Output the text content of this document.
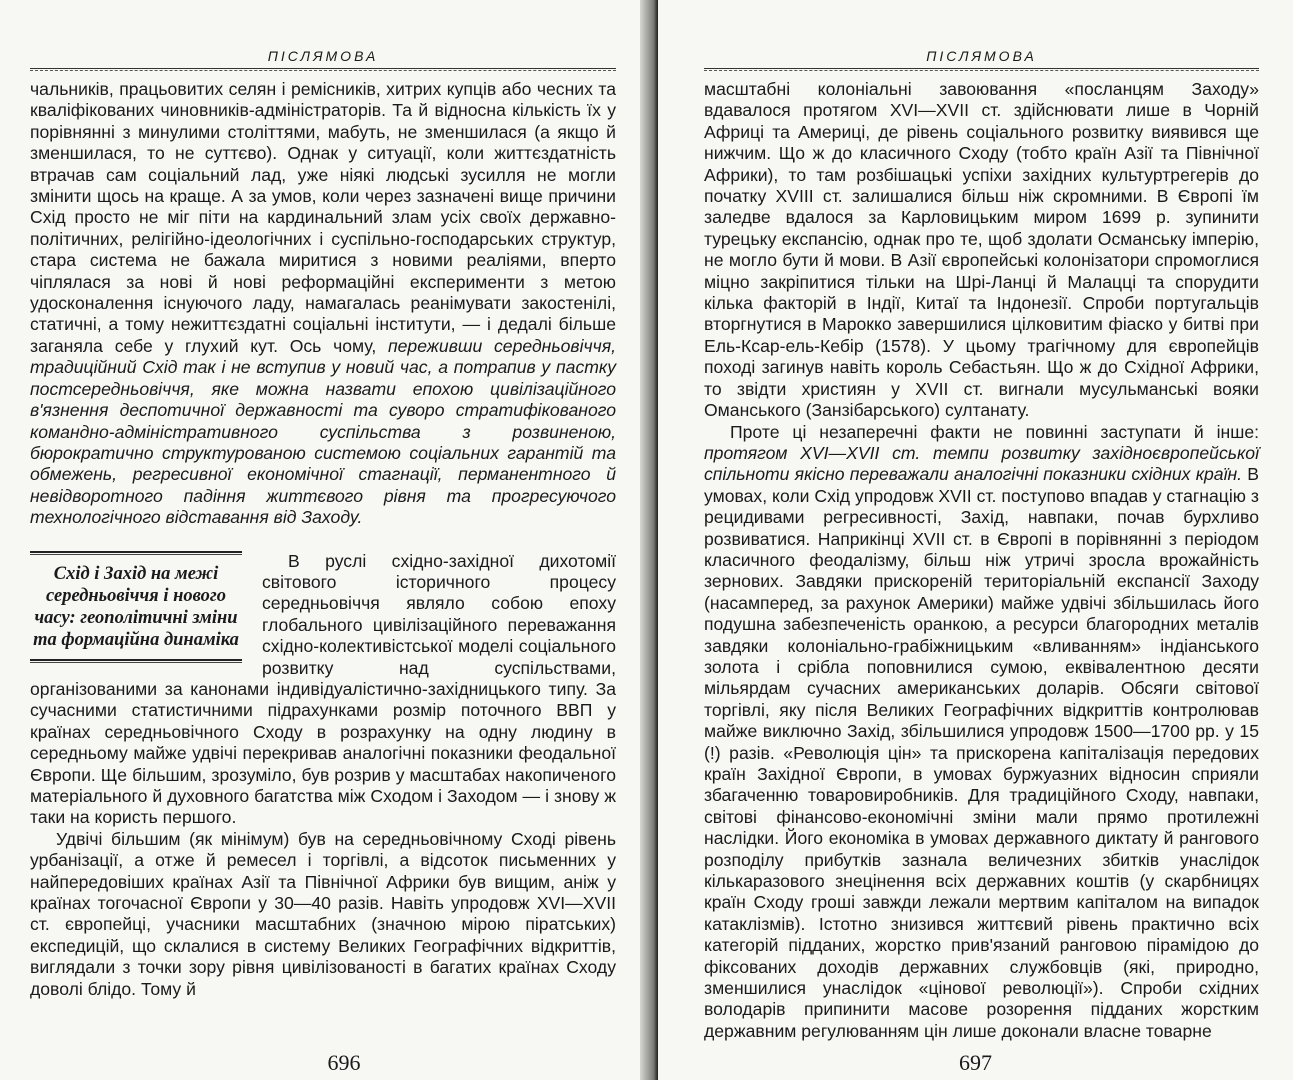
ПІСЛЯМОВА

чальників, працьовитих селян і ремісників, хитрих купців або чесних та кваліфікованих чиновників-адміністраторів. Та й відносна кількість їх у порівнянні з минулими століттями, мабуть, не зменшилася (а якщо й зменшилася, то не суттєво). Однак у ситуації, коли життєздатність втрачав сам соціальний лад, уже ніякі людські зусилля не могли змінити щось на краще. А за умов, коли через зазначені вище причини Схід просто не міг піти на кардинальний злам усіх своїх державно-політичних, релігійно-ідеологічних і суспільно-господарських структур, стара система не бажала миритися з новими реаліями, вперто чіплялася за нові й нові реформаційні експерименти з метою удосконалення існуючого ладу, намагалась реанімувати закостенілі, статичні, а тому нежиттєздатні соціальні інститути, — і дедалі більше заганяла себе у глухий кут. Ось чому, переживши середньовіччя, традиційний Схід так і не вступив у новий час, а потрапив у пастку постсередньовіччя, яке можна назвати епохою цивілізаційного в'язнення деспотичної державності та суворо стратифікованого командно-адміністративного суспільства з розвиненою, бюрократично структурованою системою соціальних гарантій та обмежень, регресивної економічної стагнації, перманентного й невідворотного падіння життєвого рівня та прогресуючого технологічного відставання від Заходу.

Схід і Захід на межі середньовіччя і нового часу: геополітичні зміни та формаційна динаміка

В руслі східно-західної дихотомії світового історичного процесу середньовіччя являло собою епоху глобального цивілізаційного переважання східно-колективістської моделі соціального розвитку над суспільствами, організованими за канонами індивідуалістично-західницького типу. За сучасними статистичними підрахунками розмір поточного ВВП у країнах середньовічного Сходу в розрахунку на одну людину в середньому майже удвічі перекривав аналогічні показники феодальної Європи. Ще більшим, зрозуміло, був розрив у масштабах накопиченого матеріального й духовного багатства між Сходом і Заходом — і знову ж таки на користь першого.

Удвічі більшим (як мінімум) був на середньовічному Сході рівень урбанізації, а отже й ремесел і торгівлі, а відсоток письменних у найпередовіших країнах Азії та Північної Африки був вищим, аніж у країнах тогочасної Європи у 30—40 разів. Навіть упродовж XVI—XVII ст. європейці, учасники масштабних (значною мірою піратських) експедицій, що склалися в систему Великих Географічних відкриттів, виглядали з точки зору рівня цивілізованості в багатих країнах Сходу доволі блідо. Тому й

696
ПІСЛЯМОВА

масштабні колоніальні завоювання «посланцям Заходу» вдавалося протягом XVI—XVII ст. здійснювати лише в Чорній Африці та Америці, де рівень соціального розвитку виявився ще нижчим. Що ж до класичного Сходу (тобто країн Азії та Північної Африки), то там розбішацькі успіхи західних культуртрегерів до початку XVIII ст. залишалися більш ніж скромними. В Європі їм заледве вдалося за Карловицьким миром 1699 р. зупинити турецьку експансію, однак про те, щоб здолати Османську імперію, не могло бути й мови. В Азії європейські колонізатори спромоглися міцно закріпитися тільки на Шрі-Ланці й Малацці та спорудити кілька факторій в Індії, Китаї та Індонезії. Спроби португальців вторгнутися в Марокко завершилися цілковитим фіаско у битві при Ель-Ксар-ель-Кебір (1578). У цьому трагічному для європейців поході загинув навіть король Себастьян. Що ж до Східної Африки, то звідти християн у XVII ст. вигнали мусульманські вояки Оманського (Занзібарського) султанату.

Проте ці незаперечні факти не повинні заступати й інше: протягом XVI—XVII ст. темпи розвитку західноєвропейської спільноти якісно переважали аналогічні показники східних країн. В умовах, коли Схід упродовж XVII ст. поступово впадав у стагнацію з рецидивами регресивності, Захід, навпаки, почав бурхливо розвиватися. Наприкінці XVII ст. в Європі в порівнянні з періодом класичного феодалізму, більш ніж утричі зросла врожайність зернових. Завдяки прискореній територіальній експансії Заходу (насамперед, за рахунок Америки) майже удвічі збільшилась його подушна забезпеченість оранкою, а ресурси благородних металів завдяки колоніально-грабіжницьким «вливанням» індіанського золота і срібла поповнилися сумою, еквівалентною десяти мільярдам сучасних американських доларів. Обсяги світової торгівлі, яку після Великих Географічних відкриттів контролював майже виключно Захід, збільшилися упродовж 1500—1700 рр. у 15 (!) разів. «Революція цін» та прискорена капіталізація передових країн Західної Європи, в умовах буржуазних відносин сприяли збагаченню товаровиробників. Для традиційного Сходу, навпаки, світові фінансово-економічні зміни мали прямо протилежні наслідки. Його економіка в умовах державного диктату й рангового розподілу прибутків зазнала величезних збитків унаслідок кількаразового знецінення всіх державних коштів (у скарбницях країн Сходу гроші завжди лежали мертвим капіталом на випадок катаклізмів). Істотно знизився життєвий рівень практично всіх категорій підданих, жорстко прив'язаний ранговою пірамідою до фіксованих доходів державних службовців (які, природно, зменшилися унаслідок «цінової революції»). Спроби східних володарів припинити масове розорення підданих жорстким державним регулюванням цін лише доконали власне товарне

697
